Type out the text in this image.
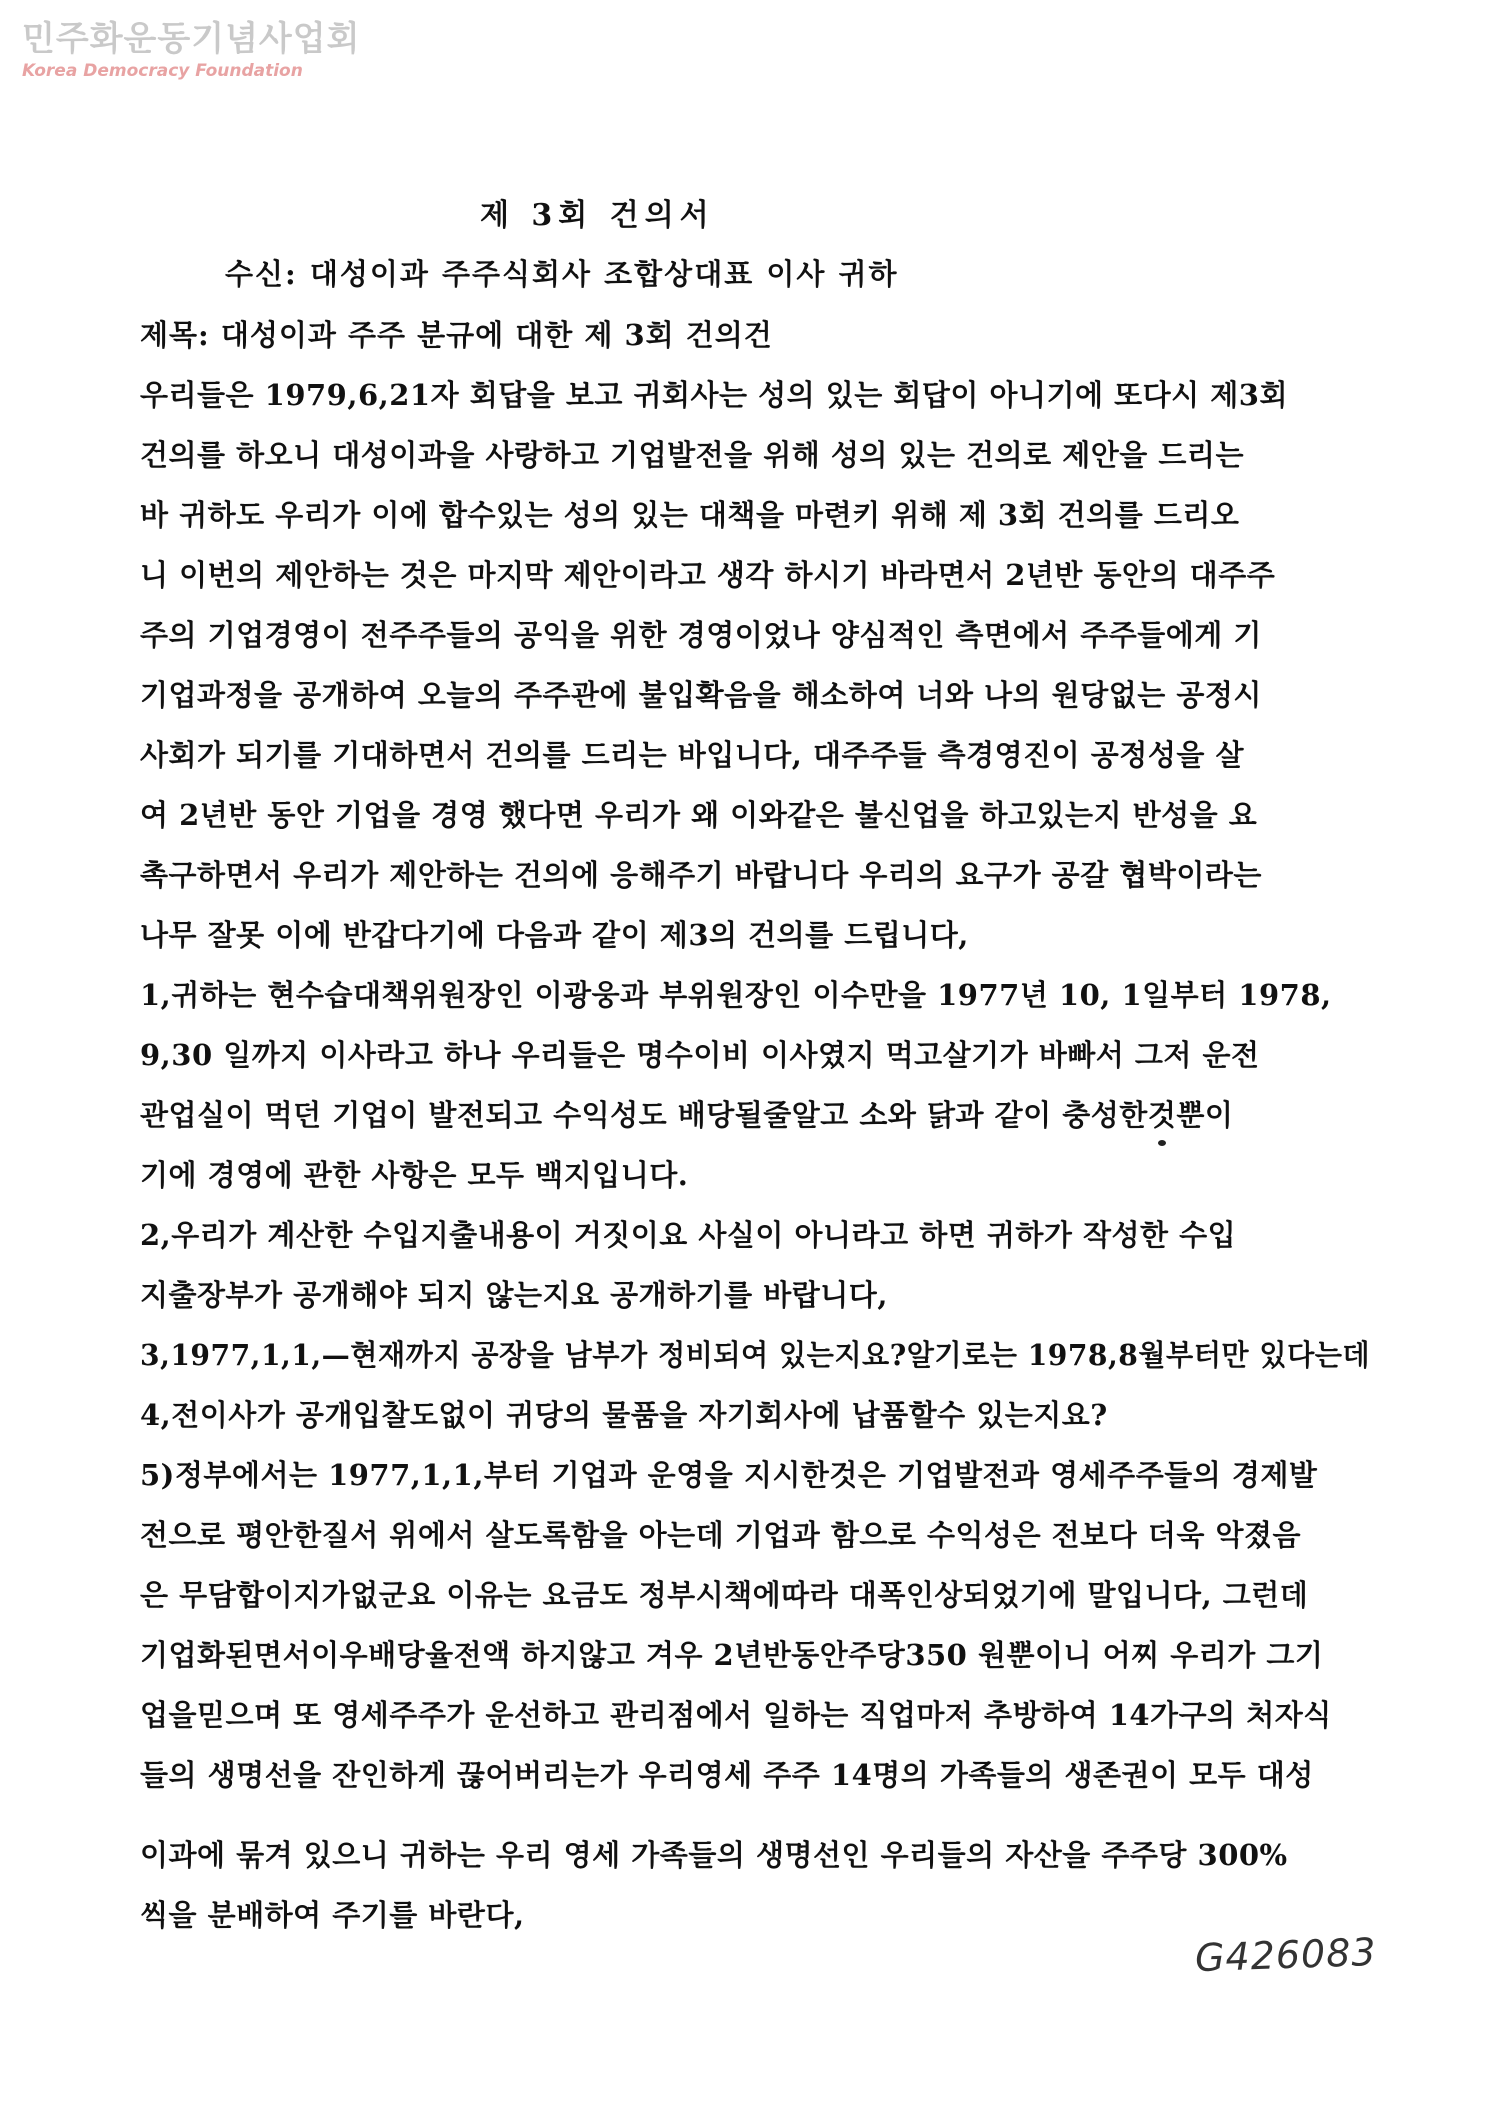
민주화운동기념사업회
Korea Democracy Foundation
제 3회 건의서
수신: 대성이과 주주식회사 조합상대표 이사 귀하
제목: 대성이과 주주 분규에 대한 제 3회 건의건
우리들은 1979,6,21자 회답을 보고 귀회사는 성의 있는 회답이 아니기에 또다시 제3회
건의를 하오니 대성이과을 사랑하고 기업발전을 위해 성의 있는 건의로 제안을 드리는
바 귀하도 우리가 이에 합수있는 성의 있는 대책을 마련키 위해 제 3회 건의를 드리오
니 이번의 제안하는 것은 마지막 제안이라고 생각 하시기 바라면서 2년반 동안의 대주주
주의 기업경영이 전주주들의 공익을 위한 경영이었나 양심적인 측면에서 주주들에게 기
기업과정을 공개하여 오늘의 주주관에 불입확음을 해소하여 너와 나의 원당없는 공정시
사회가 되기를 기대하면서 건의를 드리는 바입니다, 대주주들 측경영진이 공정성을 살
여 2년반 동안 기업을 경영 했다면 우리가 왜 이와같은 불신업을 하고있는지 반성을 요
촉구하면서 우리가 제안하는 건의에 응해주기 바랍니다 우리의 요구가 공갈 협박이라는
나무 잘못 이에 반갑다기에 다음과 같이 제3의 건의를 드립니다,
1,귀하는 현수습대책위원장인 이광웅과 부위원장인 이수만을 1977년 10, 1일부터 1978,
9,30 일까지 이사라고 하나 우리들은 명수이비 이사였지 먹고살기가 바빠서 그저 운전
관업실이 먹던 기업이 발전되고 수익성도 배당될줄알고 소와 닭과 같이 충성한것뿐이
기에 경영에 관한 사항은 모두 백지입니다.
2,우리가 계산한 수입지출내용이 거짓이요 사실이 아니라고 하면 귀하가 작성한 수입
지출장부가 공개해야 되지 않는지요 공개하기를 바랍니다,
3,1977,1,1,—현재까지 공장을 남부가 정비되여 있는지요?알기로는 1978,8월부터만 있다는데
4,전이사가 공개입찰도없이 귀당의 물품을 자기회사에 납품할수 있는지요?
5)정부에서는 1977,1,1,부터 기업과 운영을 지시한것은 기업발전과 영세주주들의 경제발
전으로 평안한질서 위에서 살도록함을 아는데 기업과 함으로 수익성은 전보다 더욱 악졌음
은 무담합이지가없군요 이유는 요금도 정부시책에따라 대폭인상되었기에 말입니다, 그런데
기업화된면서이우배당율전액 하지않고 겨우 2년반동안주당350 원뿐이니 어찌 우리가 그기
업을믿으며 또 영세주주가 운선하고 관리점에서 일하는 직업마저 추방하여 14가구의 처자식
들의 생명선을 잔인하게 끊어버리는가 우리영세 주주 14명의 가족들의 생존권이 모두 대성
이과에 묶겨 있으니 귀하는 우리 영세 가족들의 생명선인 우리들의 자산을 주주당 300%
씩을 분배하여 주기를 바란다,
G426083
